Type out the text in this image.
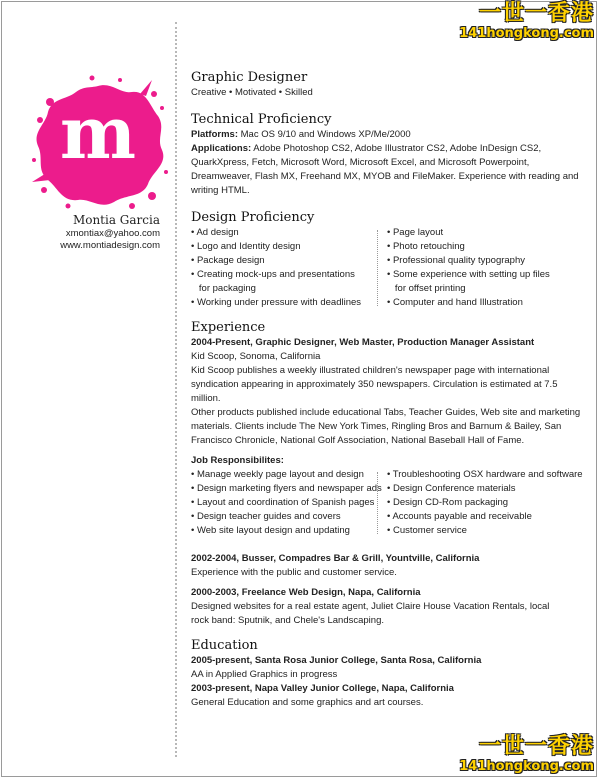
一世一香港
141hongkong.com
一世一香港
141hongkong.com
m
Montia Garcia
xmontiax@yahoo.com
www.montiadesign.com
Graphic Designer

Creative • Motivated • Skilled

Technical Proficiency

Platforms: Mac OS 9/10 and Windows XP/Me/2000

Applications: Adobe Photoshop CS2, Adobe Illustrator CS2, Adobe InDesign CS2,

QuarkXpress, Fetch, Microsoft Word, Microsoft Excel, and Microsoft Powerpoint,

Dreamweaver, Flash MX, Freehand MX, MYOB and FileMaker. Experience with reading and

writing HTML.

Design Proficiency
• Ad design
• Logo and Identity design
• Package design
• Creating mock-ups and presentations
for packaging
• Working under pressure with deadlines
• Page layout
• Photo retouching
• Professional quality typography
• Some experience with setting up files
for offset printing
• Computer and hand Illustration
Experience

2004-Present, Graphic Designer, Web Master, Production Manager Assistant

Kid Scoop, Sonoma, California

Kid Scoop publishes a weekly illustrated children's newspaper page with international

syndication appearing in approximately 350 newspapers. Circulation is estimated at 7.5 million.

Other products published include educational Tabs, Teacher Guides, Web site and marketing

materials. Clients include The New York Times, Ringling Bros and Barnum & Bailey, San

Francisco Chronicle, National Golf Association, National Baseball Hall of Fame.

Job Responsibilites:

• Manage weekly page layout and design
• Design marketing flyers and newspaper ads
• Layout and coordination of Spanish pages
• Design teacher guides and covers
• Web site layout design and updating
• Troubleshooting OSX hardware and software
• Design Conference materials
• Design CD-Rom packaging
• Accounts payable and receivable
• Customer service

2002-2004, Busser, Compadres Bar & Grill, Yountville, California

Experience with the public and customer service.

2000-2003, Freelance Web Design, Napa, California

Designed websites for a real estate agent, Juliet Claire House Vacation Rentals, local

rock band: Sputnik, and Chele's Landscaping.

Education

2005-present, Santa Rosa Junior College, Santa Rosa, California

AA in Applied Graphics in progress

2003-present, Napa Valley Junior College, Napa, California

General Education and some graphics and art courses.
